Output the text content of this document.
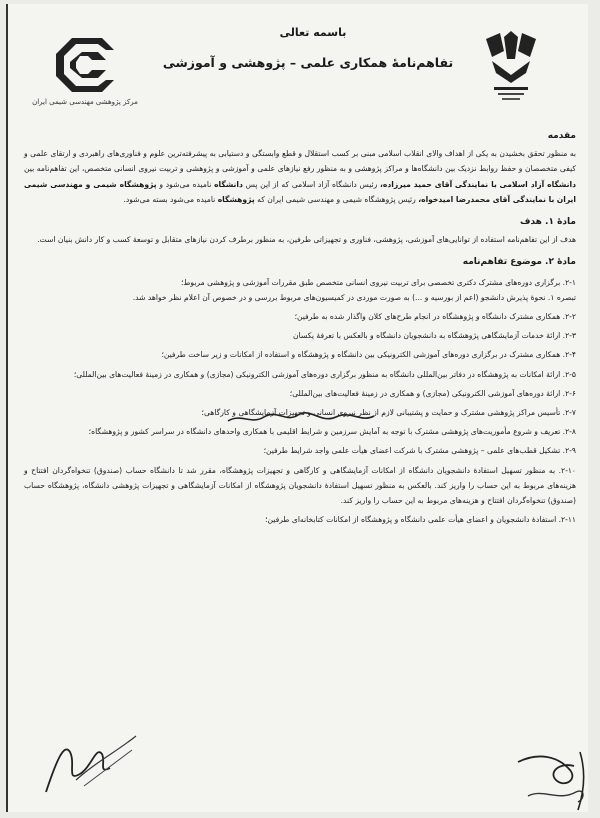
باسمه تعالی
تفاهم‌نامهٔ همکاری علمی – پژوهشی و آموزشی
مرکز پژوهشی مهندسی شیمی ایران

مقدمه

به منظور تحقق بخشیدن به یکی از اهداف والای انقلاب اسلامی مبنی بر کسب استقلال و قطع وابستگی و دستیابی به پیشرفته‌ترین علوم و فناوری‌های راهبردی و ارتقای علمی و کیفی متخصصان و حفظ روابط نزدیک بین دانشگاه‌ها و مراکز پژوهشی و به منظور رفع نیازهای علمی و آموزشی و پژوهشی و تربیت نیروی انسانی متخصص، این تفاهم‌نامه بین دانشگاه آزاد اسلامی با نمایندگی آقای حمید میرزاده، رئیس دانشگاه آزاد اسلامی که از این پس دانشگاه نامیده می‌شود و پژوهشگاه شیمی و مهندسی شیمی ایران با نمایندگی آقای محمدرضا امیدخواه، رئیس پژوهشگاه شیمی و مهندسی شیمی ایران که پژوهشگاه نامیده می‌شود بسته می‌شود.

مادهٔ ۱. هدف

هدف از این تفاهم‌نامه استفاده از توانایی‌های آموزشی، پژوهشی، فناوری و تجهیزاتی طرفین، به منظور برطرف کردن نیازهای متقابل و توسعهٔ کسب و کار دانش بنیان است.

مادهٔ ۲. موضوع تفاهم‌نامه

۲-۱. برگزاری دوره‌های مشترک دکتری تخصصی برای تربیت نیروی انسانی متخصص طبق مقررات آموزشی و پژوهشی مربوط؛

تبصره ۱. نحوهٔ پذیرش دانشجو (اعم از بورسیه و ...) به صورت موردی در کمیسیون‌های مربوط بررسی و در خصوص آن اعلام نظر خواهد شد.

۲-۲. همکاری مشترک دانشگاه و پژوهشگاه در انجام طرح‌های کلان واگذار شده به طرفین؛

۲-۳. ارائهٔ خدمات آزمایشگاهی پژوهشگاه به دانشجویان دانشگاه و بالعکس با تعرفهٔ یکسان

۲-۴. همکاری مشترک در برگزاری دوره‌های آموزشی الکترونیکی بین دانشگاه و پژوهشگاه و استفاده از امکانات و زیر ساخت طرفین؛

۲-۵. ارائهٔ امکانات به پژوهشگاه در دفاتر بین‌المللی دانشگاه به منظور برگزاری دوره‌های آموزشی الکترونیکی (مجازی) و همکاری در زمینهٔ فعالیت‌های بین‌المللی؛

۲-۶. ارائهٔ دوره‌های آموزشی الکترونیکی (مجازی) و همکاری در زمینهٔ فعالیت‌های بین‌المللی؛

۲-۷. تأسیس مراکز پژوهشی مشترک و حمایت و پشتیبانی لازم از نظر نیروی انسانی و تجهیزات آزمایشگاهی و کارگاهی؛

۲-۸. تعریف و شروع مأموریت‌های پژوهشی مشترک با توجه به آمایش سرزمین و شرایط اقلیمی با همکاری واحدهای دانشگاه در سراسر کشور و پژوهشگاه؛

۲-۹. تشکیل قطب‌های علمی – پژوهشی مشترک با شرکت اعضای هیأت علمی واجد شرایط طرفین؛

۲-۱۰. به منظور تسهیل استفادهٔ دانشجویان دانشگاه از امکانات آزمایشگاهی و کارگاهی و تجهیزات پژوهشگاه، مقرر شد تا دانشگاه حساب (صندوق) تنخواه‌گردان افتتاح و هزینه‌های مربوط به این حساب را واریز کند. بالعکس به منظور تسهیل استفادهٔ دانشجویان پژوهشگاه از امکانات آزمایشگاهی و تجهیزات پژوهشی دانشگاه، پژوهشگاه حساب (صندوق) تنخواه‌گردان افتتاح و هزینه‌های مربوط به این حساب را واریز کند.

۲-۱۱. استفادهٔ دانشجویان و اعضای هیأت علمی دانشگاه و پژوهشگاه از امکانات کتابخانه‌ای طرفین؛
